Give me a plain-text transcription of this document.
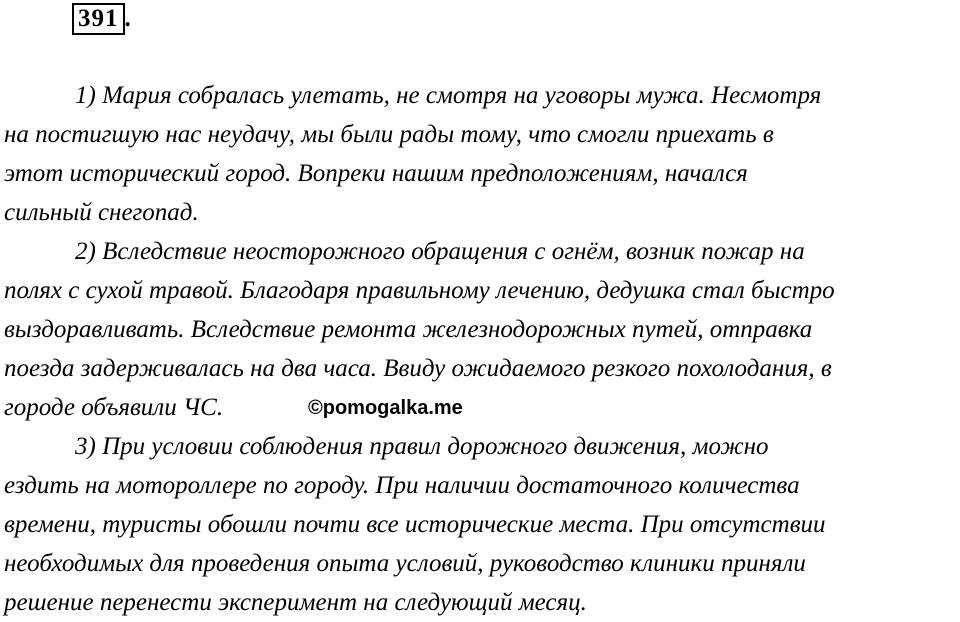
391 .
1) Мария собралась улетать, не смотря на уговоры мужа. Несмотря
на постигшую нас неудачу, мы были рады тому, что смогли приехать в
этот исторический город. Вопреки нашим предположениям, начался
сильный снегопад.
2) Вследствие неосторожного обращения с огнём, возник пожар на
полях с сухой травой. Благодаря правильному лечению, дедушка стал быстро
выздоравливать. Вследствие ремонта железнодорожных путей, отправка
поезда задерживалась на два часа. Ввиду ожидаемого резкого похолодания, в
городе объявили ЧС.
3) При условии соблюдения правил дорожного движения, можно
ездить на мотороллере по городу. При наличии достаточного количества
времени, туристы обошли почти все исторические места. При отсутствии
необходимых для проведения опыта условий, руководство клиники приняли
решение перенести эксперимент на следующий месяц.
©pomogalka.me
